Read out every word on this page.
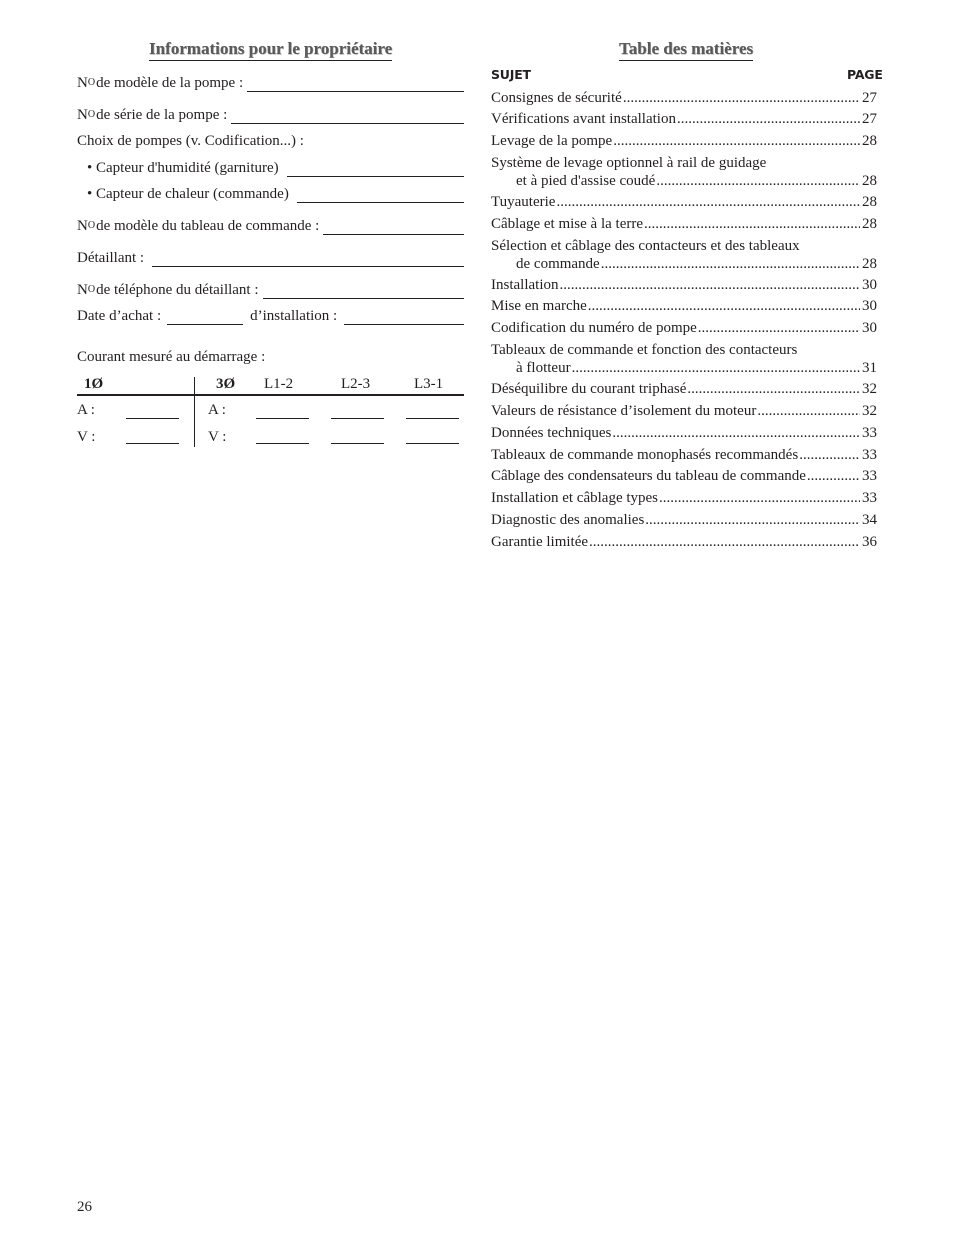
Informations pour le propriétaire
N O de modèle de la pompe :
N O de série de la pompe :
Choix de pompes (v. Codification...) :
• Capteur d'humidité (garniture)
• Capteur de chaleur (commande)
N O de modèle du tableau de commande :
Détaillant :
N O de téléphone du détaillant :
Date d’achat :	d’installation :
Courant mesuré au démarrage :
1Ø	3Ø L1-2	L2-3	L3-1
A :	A :
V :	V :
Table des matières
SUJET	PAGE
Consignes de sécurité .....	27
Vérifications avant installation .....	27
Levage de la pompe .....	28
Système de levage optionnel à rail de guidage
et à pied d'assise coudé .....	28
Tuyauterie .....	28
Câblage et mise à la terre .....	28
Sélection et câblage des contacteurs et des tableaux
de commande .....	28
Installation .....	30
Mise en marche .....	30
Codification du numéro de pompe .....	30
Tableaux de commande et fonction des contacteurs
à flotteur .....	31
Déséquilibre du courant triphasé .....	32
Valeurs de résistance d’isolement du moteur .....	32
Données techniques .....	33
Tableaux de commande monophasés recommandés .....	33
Câblage des condensateurs du tableau de commande .....	33
Installation et câblage types .....	33
Diagnostic des anomalies .....	34
Garantie limitée .....	36
26
